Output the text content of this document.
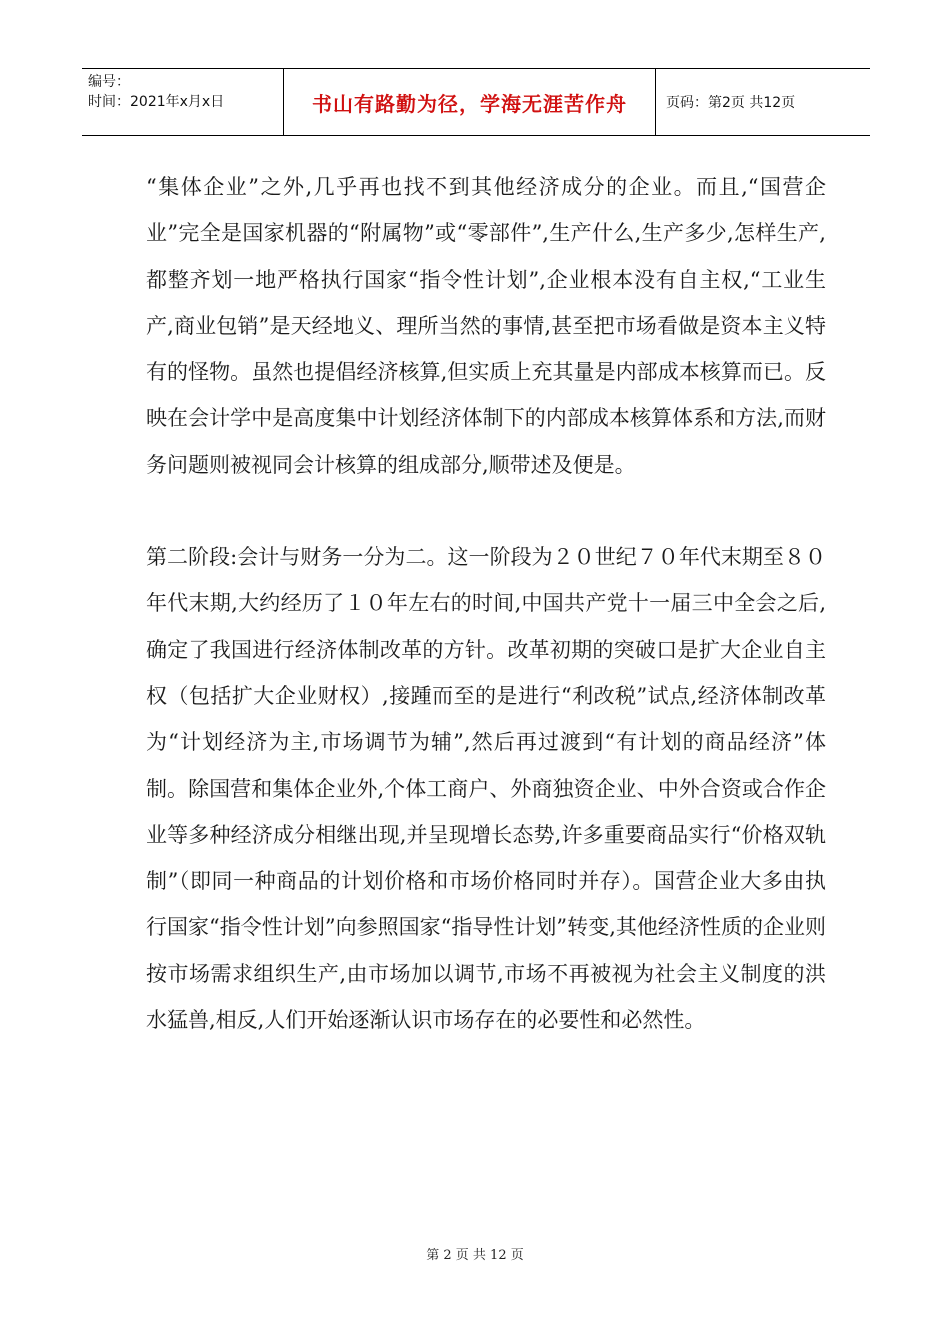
编号：
时间：2021年x月x日	书山有路勤为径，学海无涯苦作舟	页码：第2页 共12页

“集体企业”之外,几乎再也找不到其他经济成分的企业。而且,“国营企业”完全是国家机器的“附属物”或“零部件”,生产什么,生产多少,怎样生产,都整齐划一地严格执行国家“指令性计划”,企业根本没有自主权,“工业生产,商业包销”是天经地义、理所当然的事情,甚至把市场看做是资本主义特有的怪物。虽然也提倡经济核算,但实质上充其量是内部成本核算而已。反映在会计学中是高度集中计划经济体制下的内部成本核算体系和方法,而财务问题则被视同会计核算的组成部分,顺带述及便是。

第二阶段:会计与财务一分为二。这一阶段为２０世纪７０年代末期至８０年代末期,大约经历了１０年左右的时间,中国共产党十一届三中全会之后,确定了我国进行经济体制改革的方针。改革初期的突破口是扩大企业自主权（包括扩大企业财权）,接踵而至的是进行“利改税”试点,经济体制改革为“计划经济为主,市场调节为辅”,然后再过渡到“有计划的商品经济”体制。除国营和集体企业外,个体工商户、外商独资企业、中外合资或合作企业等多种经济成分相继出现,并呈现增长态势,许多重要商品实行“价格双轨制”（即同一种商品的计划价格和市场价格同时并存）。国营企业大多由执行国家“指令性计划”向参照国家“指导性计划”转变,其他经济性质的企业则按市场需求组织生产,由市场加以调节,市场不再被视为社会主义制度的洪水猛兽,相反,人们开始逐渐认识市场存在的必要性和必然性。

第 2 页 共 12 页
